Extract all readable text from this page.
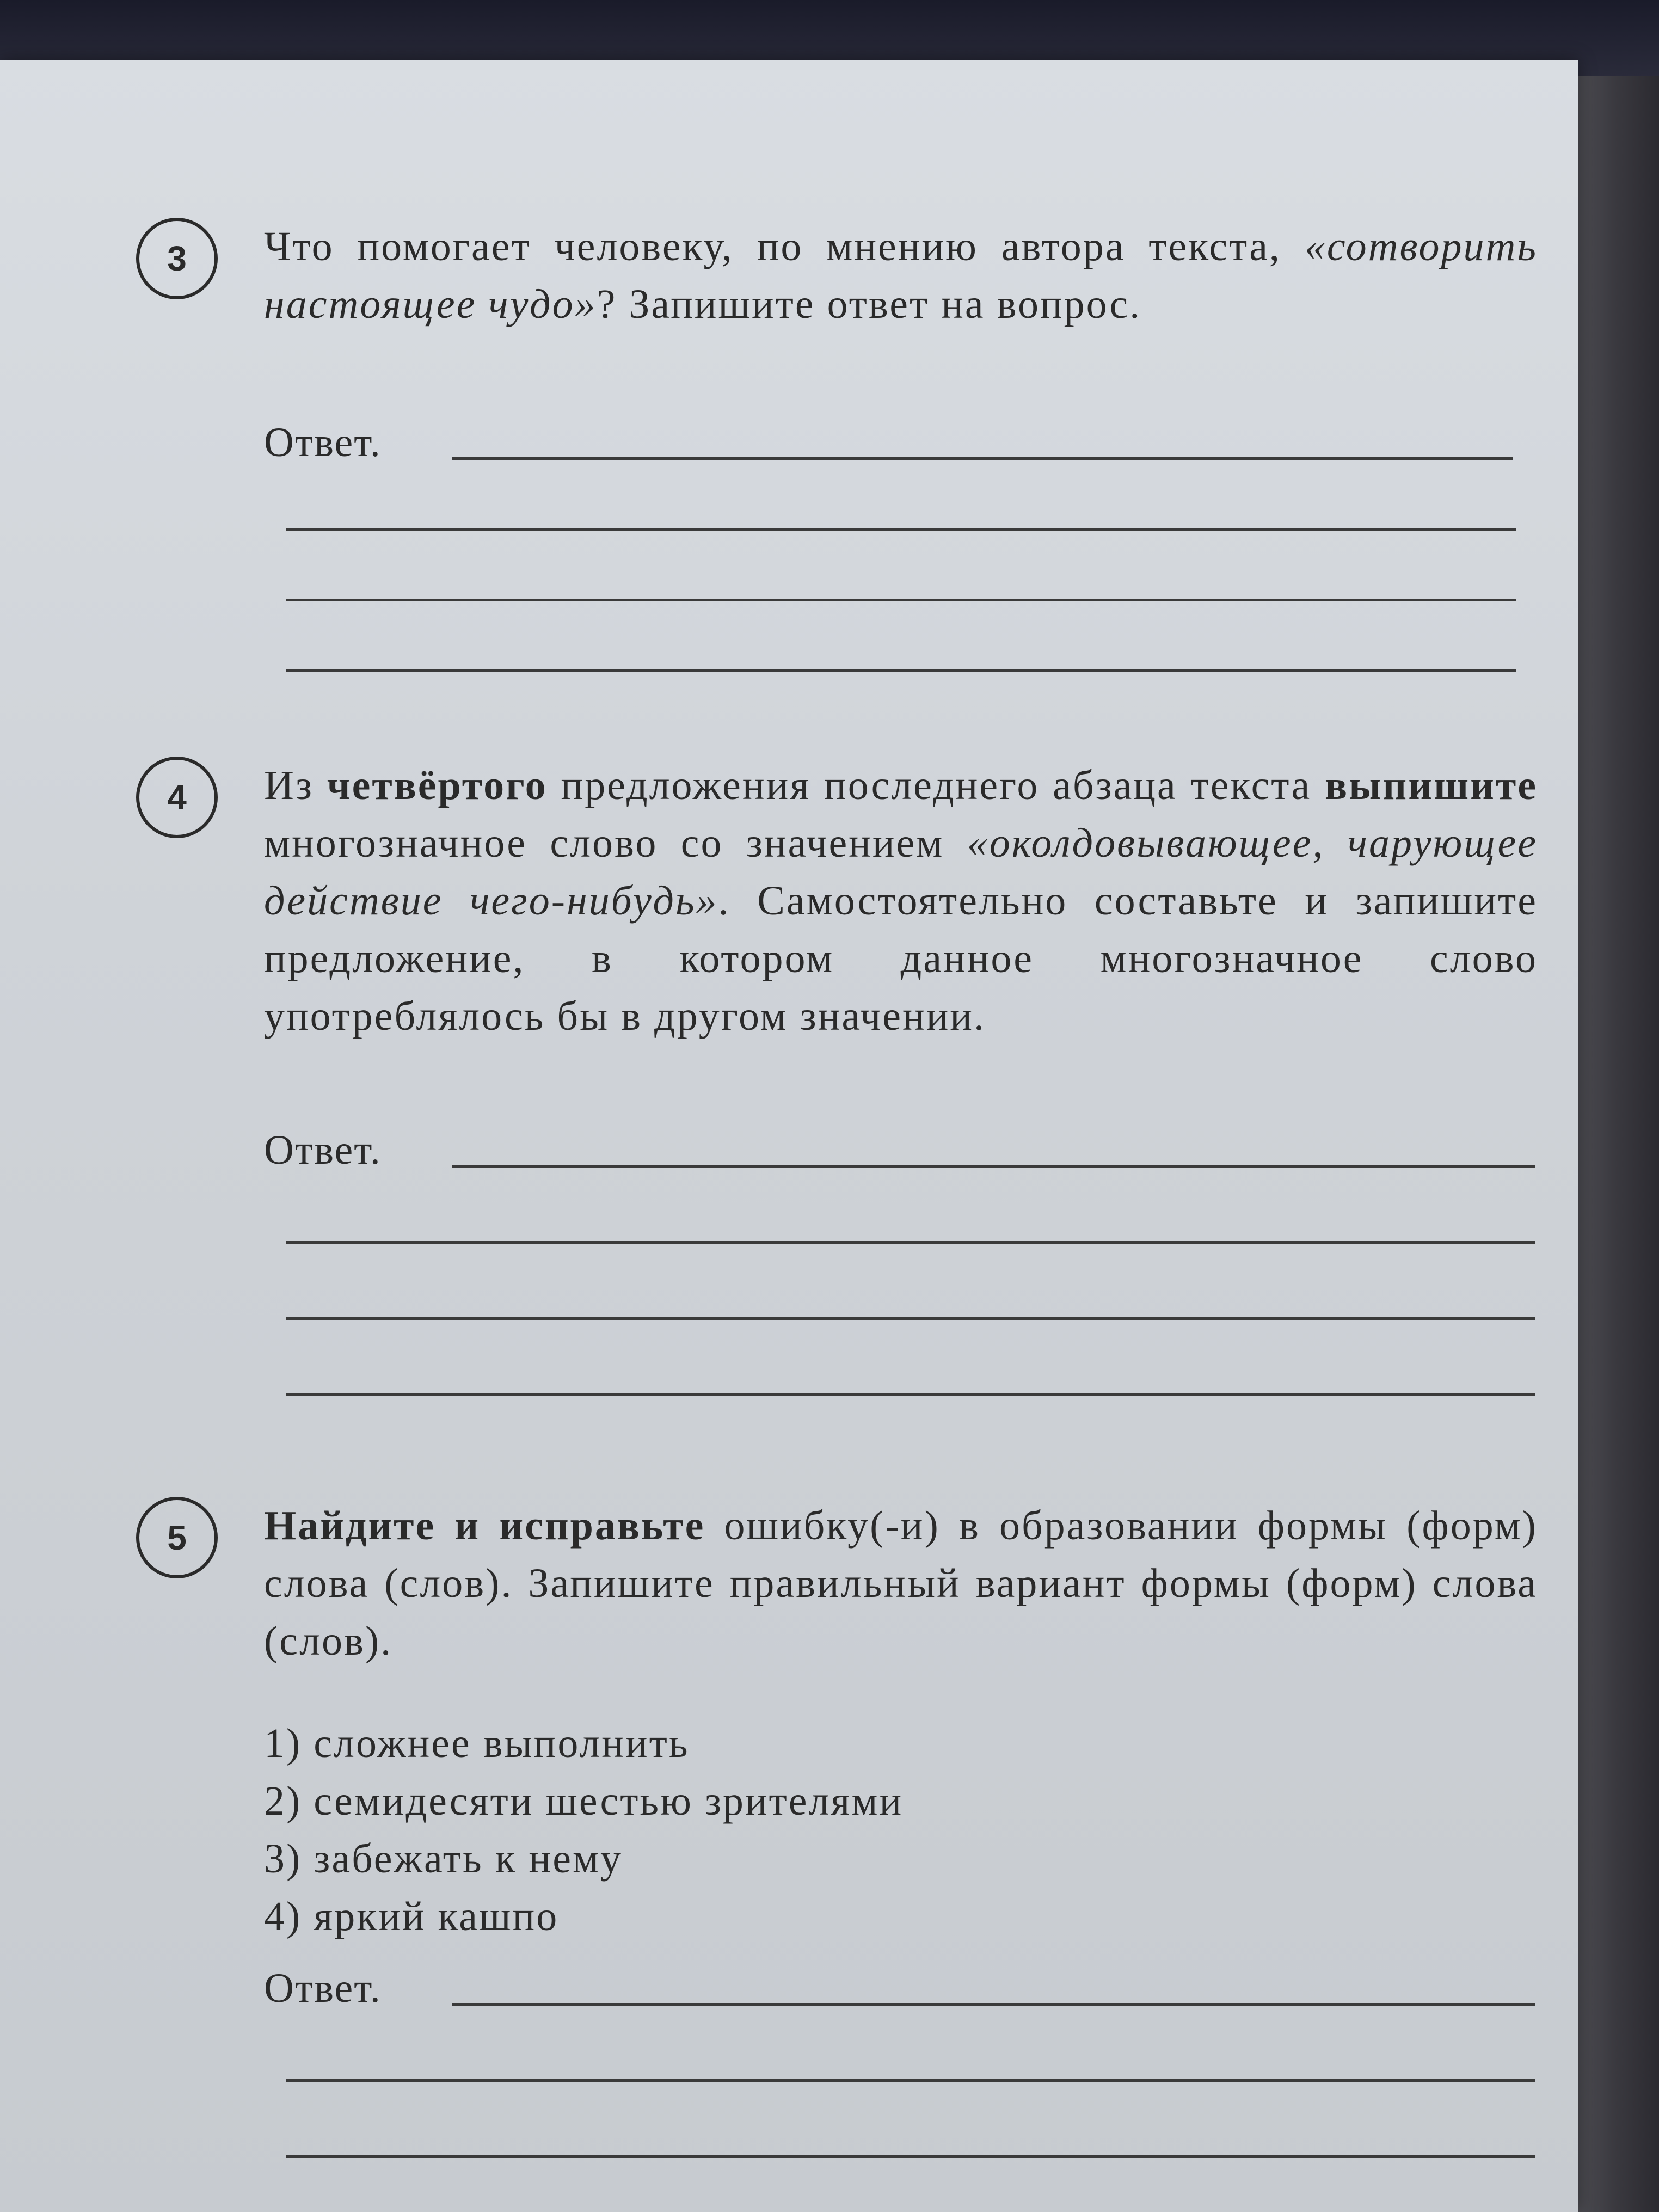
3	Что помогает человеку, по мнению автора текста, «сотворить настоящее чудо»? Запишите ответ на вопрос.
Ответ.
4	Из четвёртого предложения последнего абзаца текста выпишите многозначное слово со значением «околдовывающее, чарующее действие чего-нибудь». Самостоятельно составьте и запишите предложение, в котором данное многозначное слово употреблялось бы в другом значении.
Ответ.
5	Найдите и исправьте ошибку(-и) в образовании формы (форм) слова (слов). Запишите правильный вариант формы (форм) слова (слов).
1) сложнее выполнить
2) семидесяти шестью зрителями
3) забежать к нему
4) яркий кашпо
Ответ.
